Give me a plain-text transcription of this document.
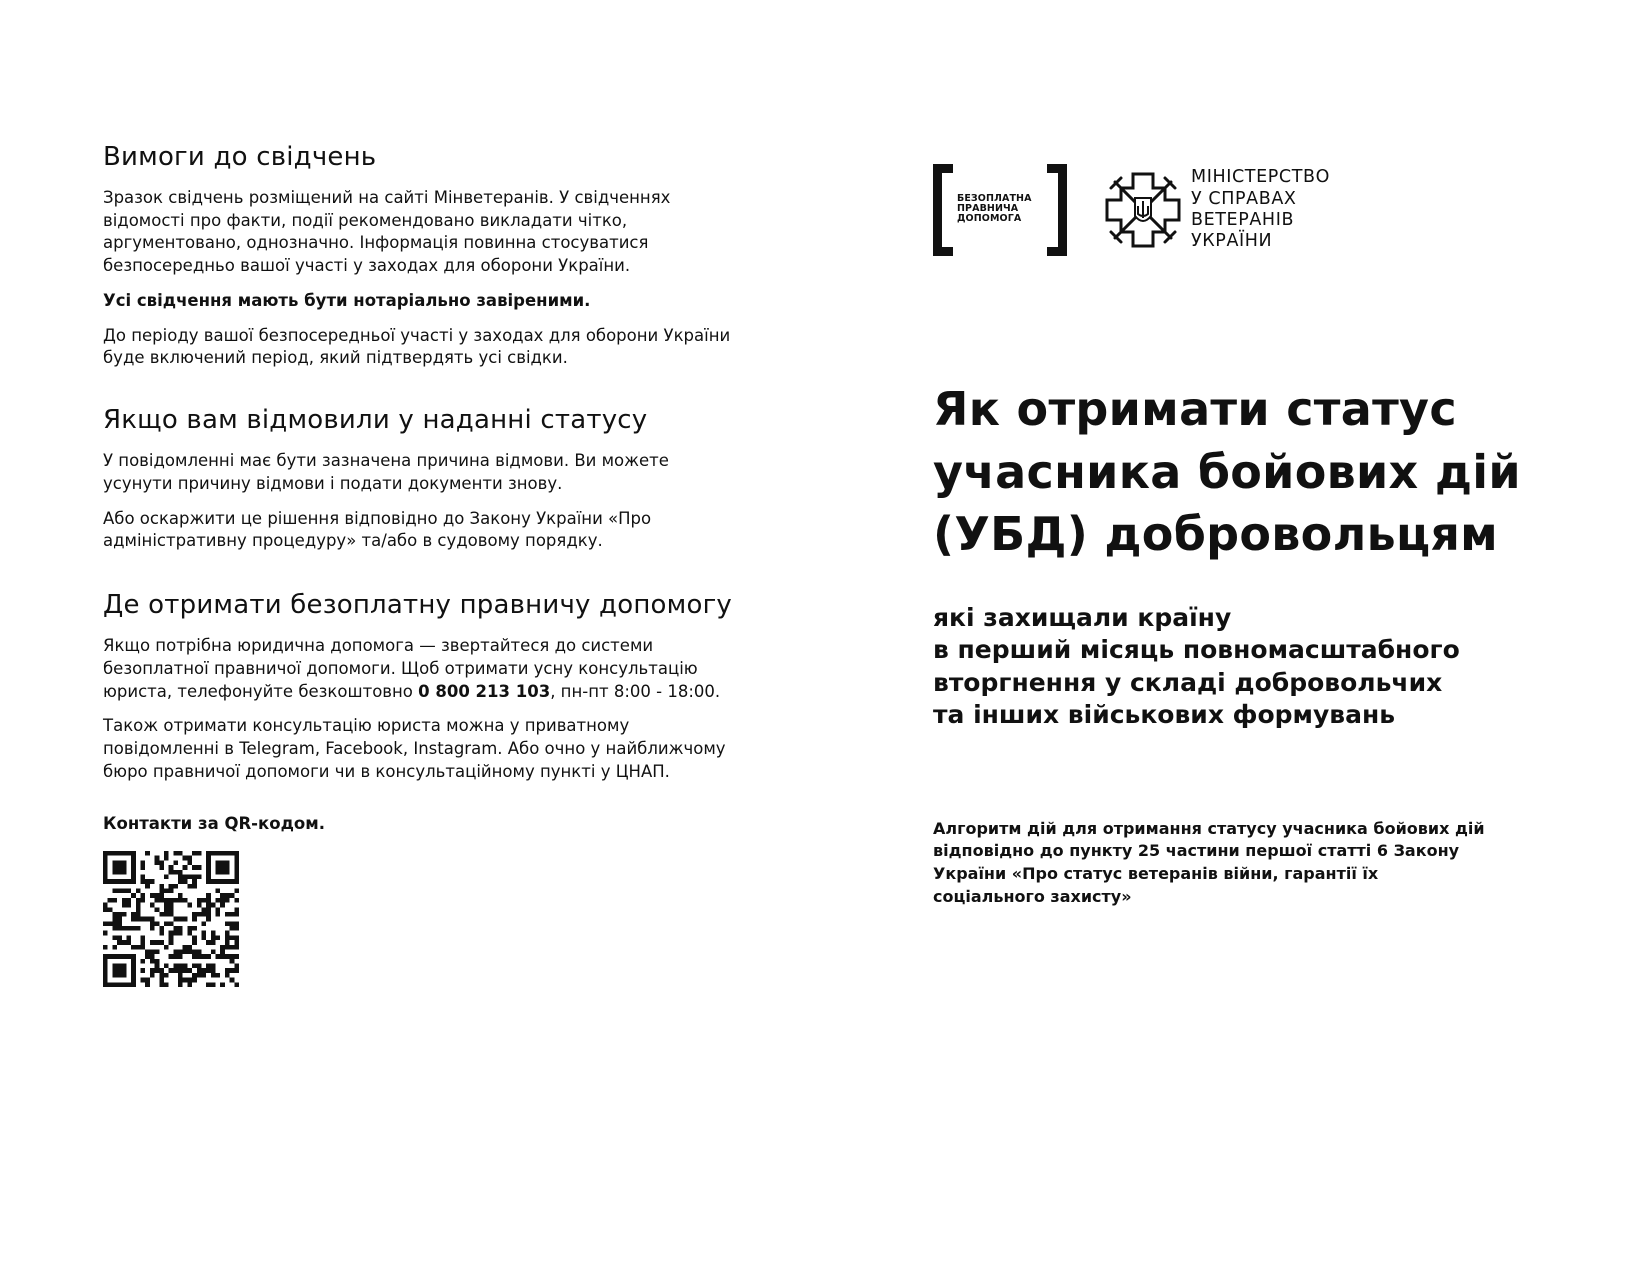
Вимоги до свідчень

Зразок свідчень розміщений на сайті Мінветеранів. У свідченнях відомості про факти, події рекомендовано викладати чітко, аргументовано, однозначно. Інформація повинна стосуватися безпосередньо вашої участі у заходах для оборони України.

Усі свідчення мають бути нотаріально завіреними.

До періоду вашої безпосередньої участі у заходах для оборони України буде включений період, який підтвердять усі свідки.

Якщо вам відмовили у наданні статусу

У повідомленні має бути зазначена причина відмови. Ви можете усунути причину відмови і подати документи знову.

Або оскаржити це рішення відповідно до Закону України «Про адміністративну процедуру» та/або в судовому порядку.

Де отримати безоплатну правничу допомогу

Якщо потрібна юридична допомога — звертайтеся до системи безоплатної правничої допомоги. Щоб отримати усну консультацію юриста, телефонуйте безкоштовно 0 800 213 103, пн-пт 8:00 - 18:00.

Також отримати консультацію юриста можна у приватному повідомленні в Telegram, Facebook, Instagram. Або очно у найближчому бюро правничої допомоги чи в консультаційному пункті у ЦНАП.

Контакти за QR-кодом.
БЕЗОПЛАТНА
ПРАВНИЧА
ДОПОМОГА
МІНІСТЕРСТВО
У СПРАВАХ
ВЕТЕРАНІВ
УКРАЇНИ
Як отримати статус
учасника бойових дій
(УБД) добровольцям
які захищали країну
в перший місяць повномасштабного
вторгнення у складі добровольчих
та інших військових формувань

Алгоритм дій для отримання статусу учасника бойових дій відповідно до пункту 25 частини першої статті 6 Закону України «Про статус ветеранів війни, гарантії їх соціального захисту»
